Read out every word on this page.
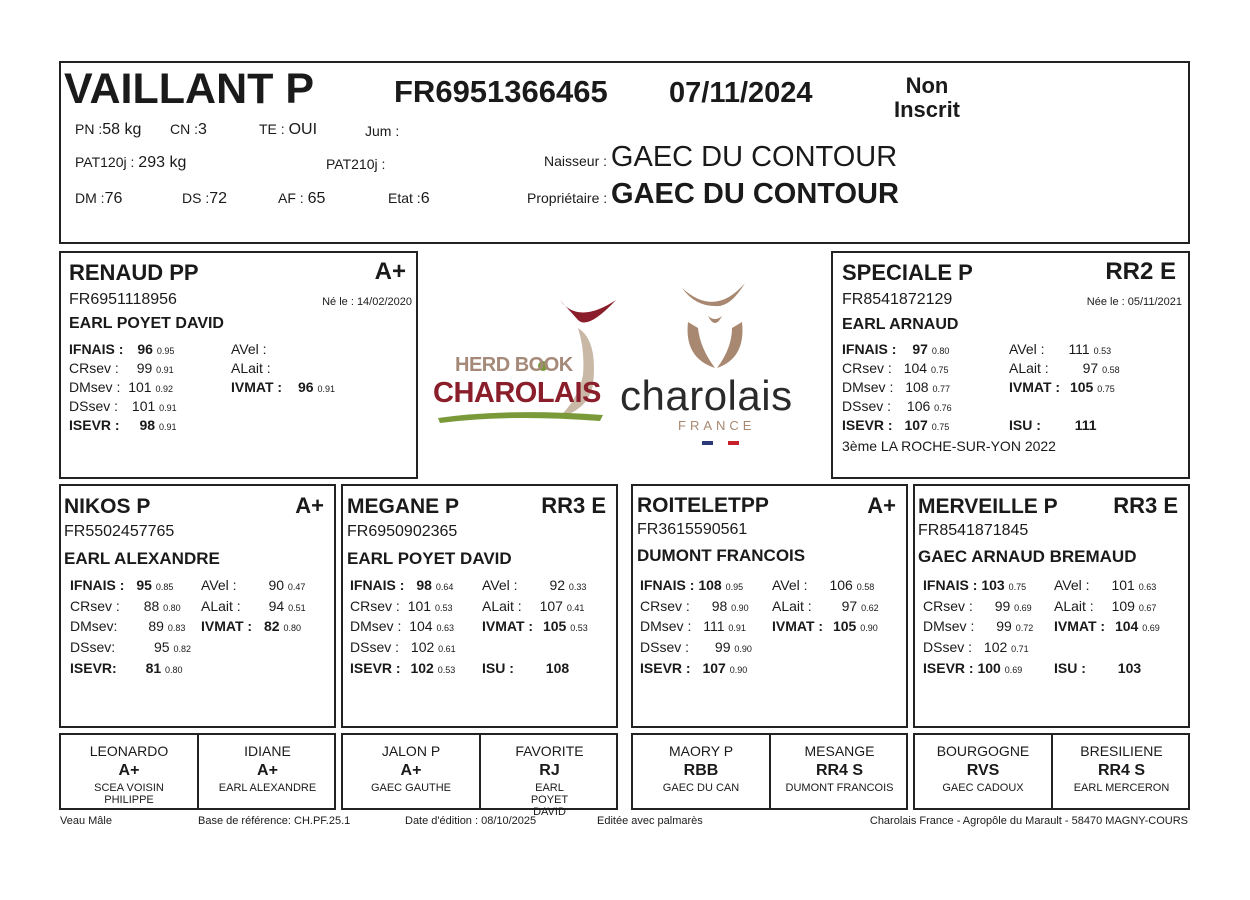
VAILLANT P	FR6951366465 07/11/2024	Non
Inscrit
PN :58 kg CN :3	TE : OUI	Jum :
PAT120j : 293 kg	PAT210j :
DM :76	DS :72	AF : 65	Etat :6
Naisseur : GAEC DU CONTOUR
Propriétaire : GAEC DU CONTOUR
RENAUD PP	A+
FR6951118956	Né le : 14/02/2020
EARL POYET DAVID
IFNAIS : 96 0.95
CRsev : 99 0.91
DMsev : 101 0.92
DSsev : 101 0.91
ISEVR : 98 0.91
AVel :
ALait :
IVMAT : 96 0.91
HERD BOOK
CHAROLAIS charolais
FRANCE
SPECIALE P	RR2 E
FR8541872129	Née le : 05/11/2021
EARL ARNAUD
IFNAIS : 97 0.80
CRsev : 104 0.75
DMsev : 108 0.77
DSsev : 106 0.76
ISEVR : 107 0.75
AVel : 111 0.53
ALait : 97 0.58
IVMAT : 105 0.75
ISU : 111
3ème LA ROCHE-SUR-YON 2022
NIKOS P	A+
FR5502457765
EARL ALEXANDRE
IFNAIS : 95 0.85
CRsev : 88 0.80
DMsev: 89 0.83
DSsev:	95 0.82
ISEVR: 81 0.80
AVel : 90 0.47
ALait : 94 0.51
IVMAT : 82 0.80
MEGANE P	RR3 E
FR6950902365
EARL POYET DAVID
IFNAIS : 98 0.64
CRsev : 101 0.53
DMsev : 104 0.63
DSsev : 102 0.61
ISEVR : 102 0.53
AVel : 92 0.33
ALait : 107 0.41
IVMAT : 105 0.53
ISU : 108
ROITELETPP	A+
FR3615590561
DUMONT FRANCOIS
IFNAIS : 108 0.95
CRsev : 98 0.90
DMsev : 111 0.91
DSsev : 99 0.90
ISEVR : 107 0.90
AVel : 106 0.58
ALait : 97 0.62
IVMAT : 105 0.90
MERVEILLE P	RR3 E
FR8541871845
GAEC ARNAUD BREMAUD
IFNAIS : 103 0.75
CRsev : 99 0.69
DMsev : 99 0.72
DSsev : 102 0.71
ISEVR : 100 0.69
AVel : 101 0.63
ALait : 109 0.67
IVMAT : 104 0.69
ISU : 103
LEONARDO
A+
SCEA VOISIN PHILIPPE
IDIANE
A+
EARL ALEXANDRE
JALON P
A+
GAEC GAUTHE
FAVORITE
RJ
EARL POYET DAVID
MAORY P
RBB
GAEC DU CAN
MESANGE
RR4 S
DUMONT FRANCOIS
BOURGOGNE
RVS
GAEC CADOUX
BRESILIENE
RR4 S
EARL MERCERON
Veau Mâle	Base de référence: CH.PF.25.1	Date d'édition : 08/10/2025	Editée avec palmarès	Charolais France - Agropôle du Marault - 58470 MAGNY-COURS
